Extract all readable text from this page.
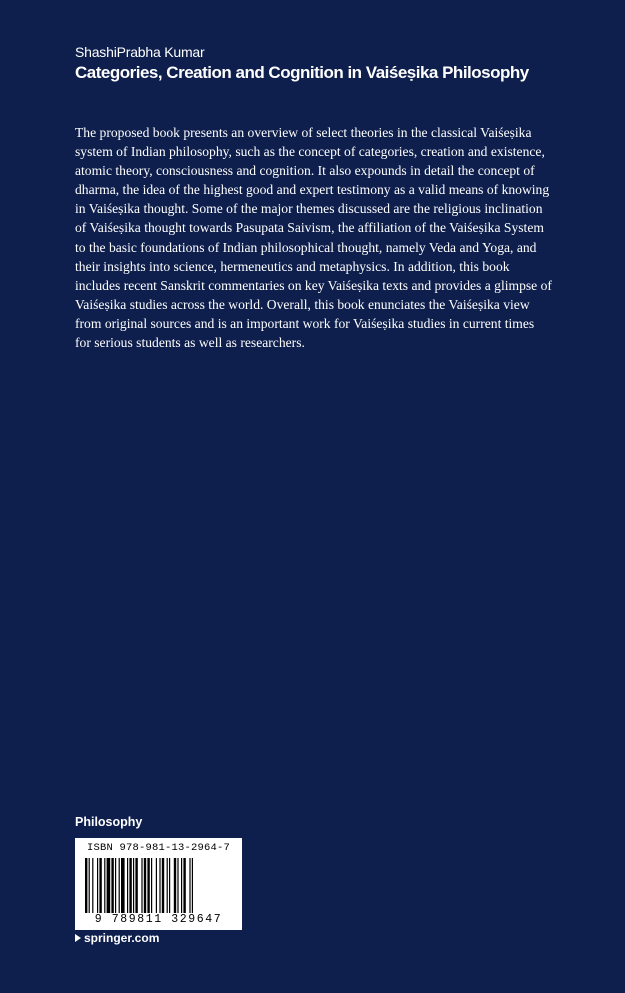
ShashiPrabha Kumar

Categories, Creation and Cognition in Vaiśeṣika Philosophy

The proposed book presents an overview of select theories in the classical Vaiśeṣika system of Indian philosophy, such as the concept of categories, creation and existence, atomic theory, consciousness and cognition. It also expounds in detail the concept of dharma, the idea of the highest good and expert testimony as a valid means of knowing in Vaiśeṣika thought. Some of the major themes discussed are the religious inclination of Vaiśeṣika thought towards Pasupata Saivism, the affiliation of the Vaiśeṣika System to the basic foundations of Indian philosophical thought, namely Veda and Yoga, and their insights into science, hermeneutics and metaphysics. In addition, this book includes recent Sanskrit commentaries on key Vaiśeṣika texts and provides a glimpse of Vaiśeṣika studies across the world. Overall, this book enunciates the Vaiśeṣika view from original sources and is an important work for Vaiśeṣika studies in current times for serious students as well as researchers.

Philosophy

ISBN 978-981-13-2964-7
9 789811 329647

springer.com
